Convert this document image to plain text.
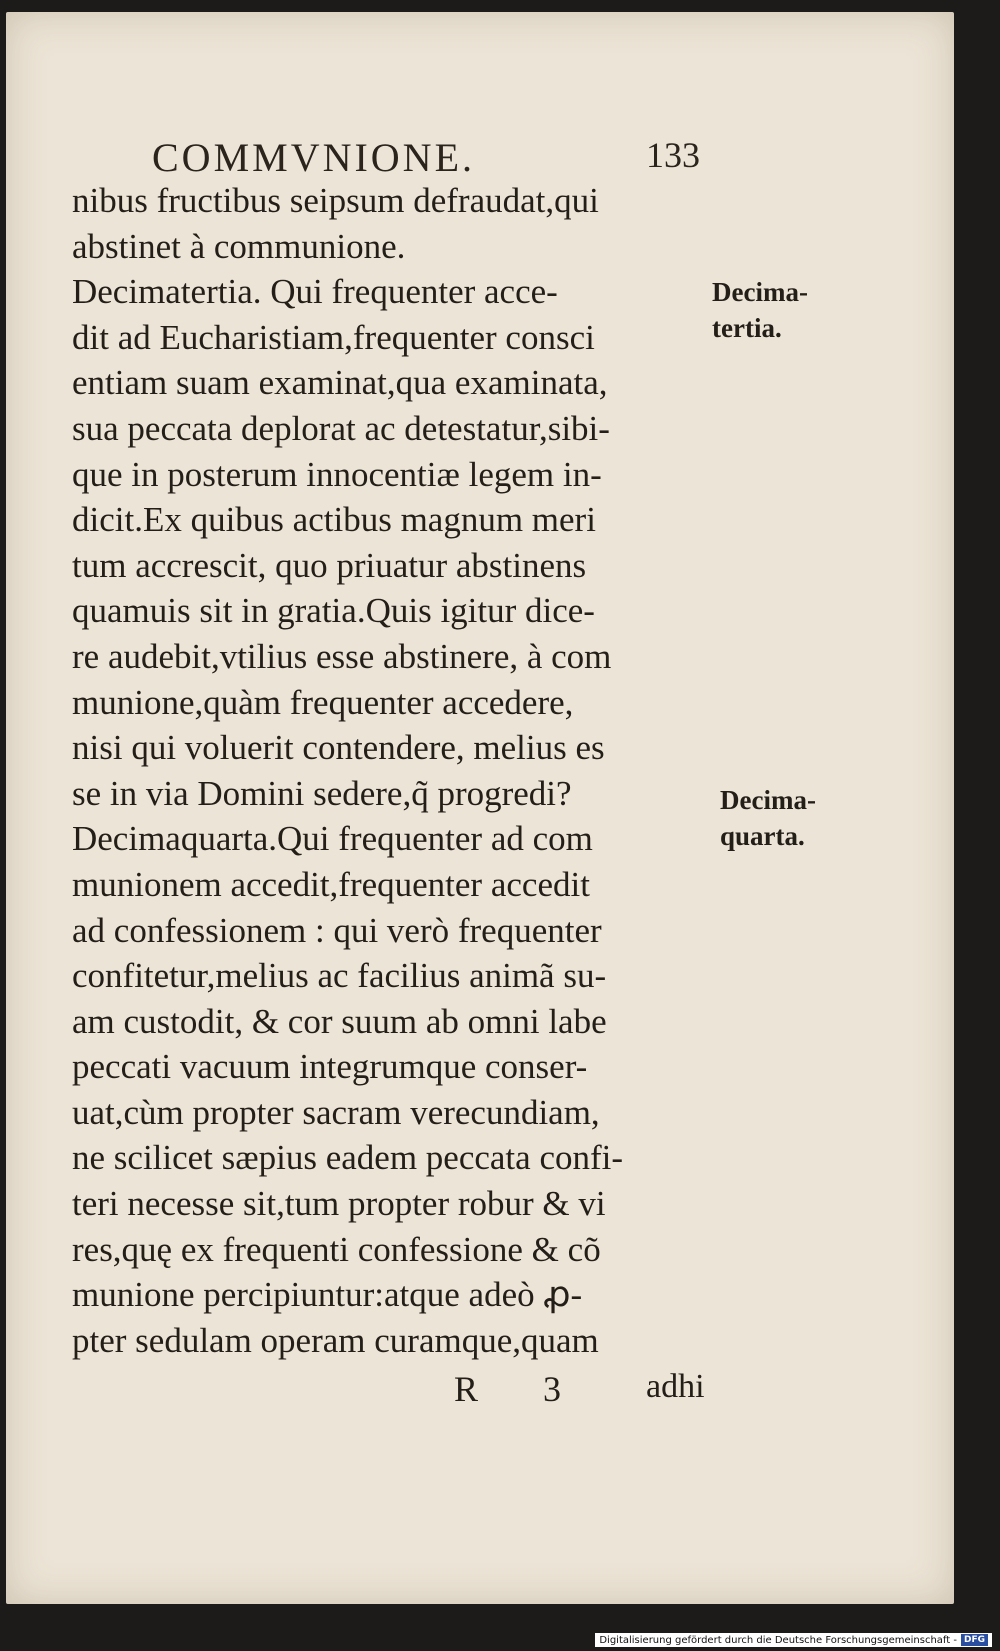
COMMVNIONE.	133
nibus fructibus seipsum defraudat,qui
abstinet à communione.
Decimatertia. Qui frequenter acce-
dit ad Eucharistiam,frequenter consci
entiam suam examinat,qua examinata,
sua peccata deplorat ac detestatur,sibi-
que in posterum innocentiæ legem in-
dicit.Ex quibus actibus magnum meri
tum accrescit, quo priuatur abstinens
quamuis sit in gratia.Quis igitur dice-
re audebit,vtilius esse abstinere, à com
munione,quàm frequenter accedere,
nisi qui voluerit contendere, melius es
se in via Domini sedere,q̃ progredi?
Decimaquarta.Qui frequenter ad com
munionem accedit,frequenter accedit
ad confessionem : qui verò frequenter
confitetur,melius ac facilius animã su-
am custodit, & cor suum ab omni labe
peccati vacuum integrumque conser-
uat,cùm propter sacram verecundiam,
ne scilicet sæpius eadem peccata confi-
teri necesse sit,tum propter robur & vi
res,quę ex frequenti confessione & cõ
munione percipiuntur:atque adeò ꝓ-
pter sedulam operam curamque,quam
Decima-
tertia.
Decima-
quarta.
R 3 adhi
Digitalisierung gefördert durch die Deutsche Forschungsgemeinschaft - DFG
